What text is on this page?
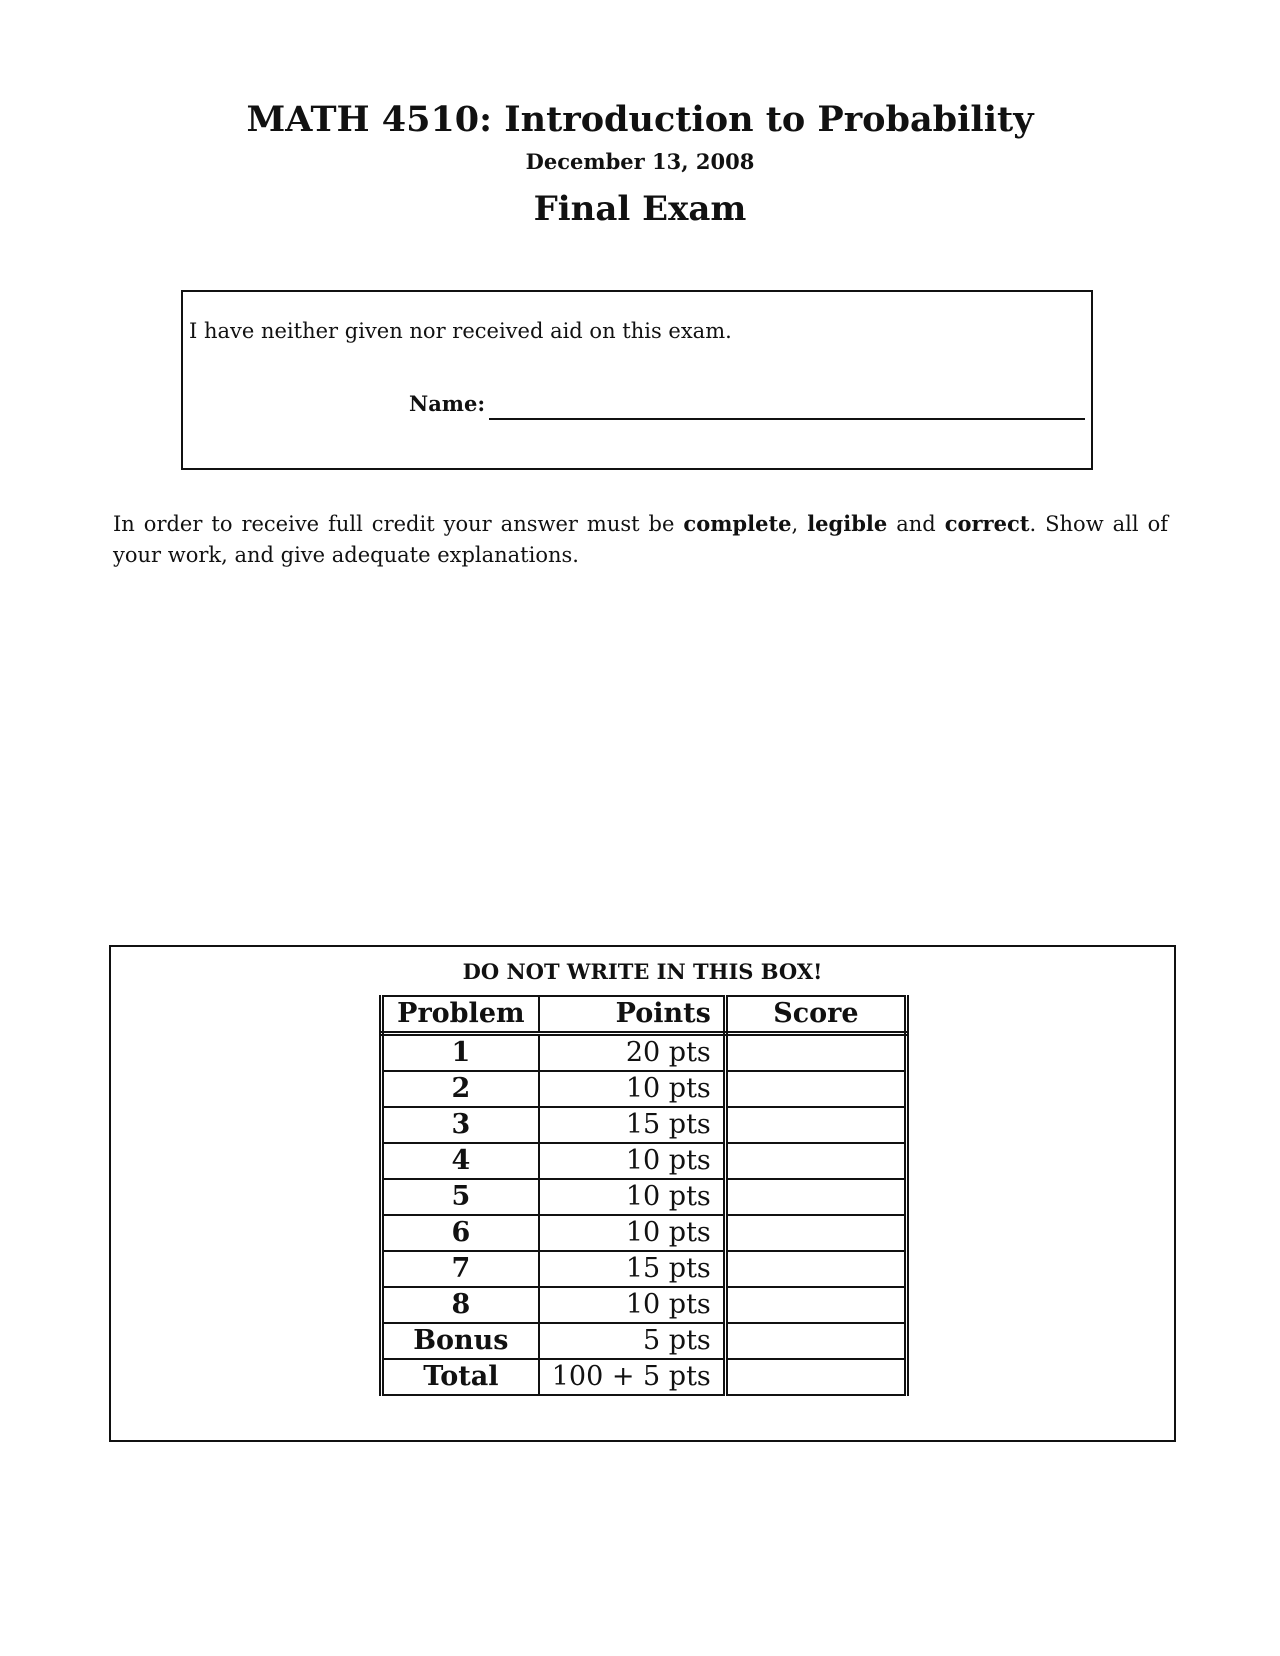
MATH 4510: Introduction to Probability
December 13, 2008
Final Exam
I have neither given nor received aid on this exam.
Name:
In order to receive full credit your answer must be complete, legible and correct. Show all of your work, and give adequate explanations.
DO NOT WRITE IN THIS BOX!
Problem	Points	Score
1	20 pts	
2	10 pts	
3	15 pts	
4	10 pts	
5	10 pts	
6	10 pts	
7	15 pts	
8	10 pts	
Bonus	5 pts	
Total	100 + 5 pts	
